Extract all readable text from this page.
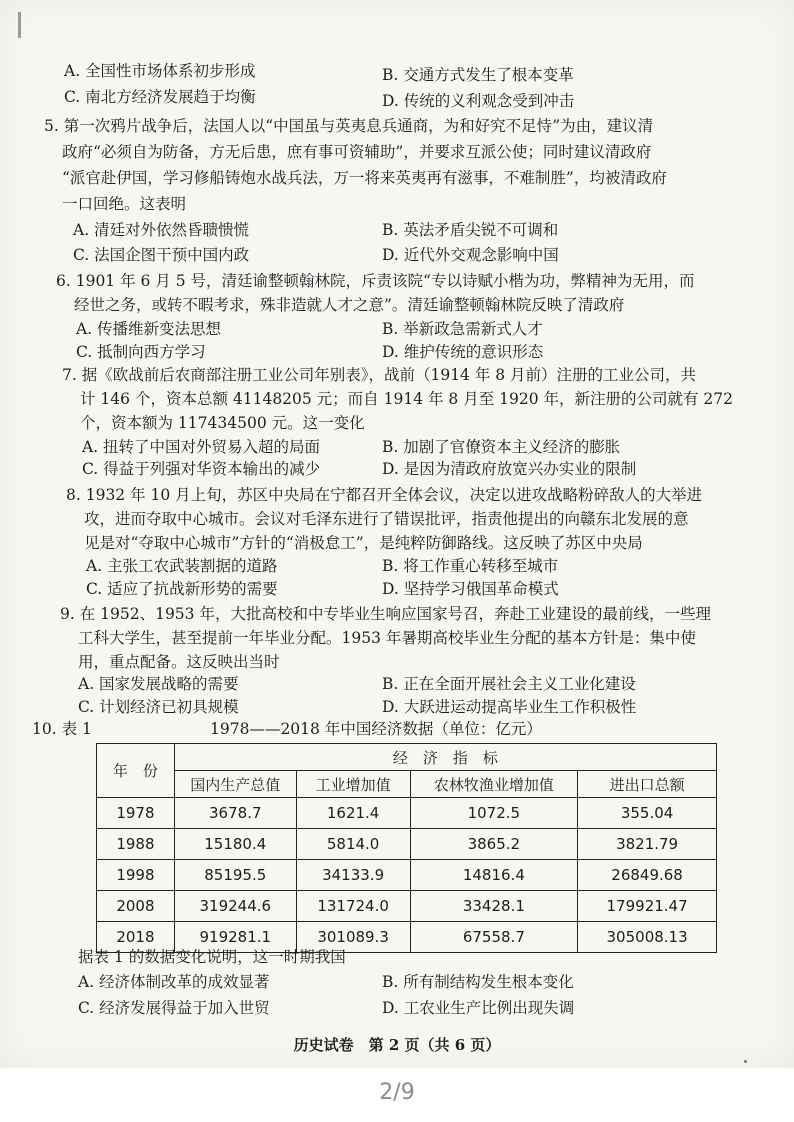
A. 全国性市场体系初步形成	B. 交通方式发生了根本变革
C. 南北方经济发展趋于均衡	D. 传统的义利观念受到冲击
5. 第一次鸦片战争后，法国人以“中国虽与英夷息兵通商，为和好究不足恃”为由，建议清
政府“必须自为防备，方无后患，庶有事可资辅助”，并要求互派公使；同时建议清政府
“派官赴伊国，学习修船铸炮水战兵法，万一将来英夷再有滋事，不难制胜”，均被清政府
一口回绝。这表明
A. 清廷对外依然昏聩愦慌	B. 英法矛盾尖锐不可调和
C. 法国企图干预中国内政	D. 近代外交观念影响中国
6. 1901 年 6 月 5 号，清廷谕整顿翰林院，斥责该院“专以诗赋小楷为功，弊精神为无用，而
经世之务，或转不暇考求，殊非造就人才之意”。清廷谕整顿翰林院反映了清政府
A. 传播维新变法思想	B. 举新政急需新式人才
C. 抵制向西方学习	D. 维护传统的意识形态
7. 据《欧战前后农商部注册工业公司年别表》，战前（1914 年 8 月前）注册的工业公司，共
计 146 个，资本总额 41148205 元；而自 1914 年 8 月至 1920 年，新注册的公司就有 272
个，资本额为 117434500 元。这一变化
A. 扭转了中国对外贸易入超的局面	B. 加剧了官僚资本主义经济的膨胀
C. 得益于列强对华资本输出的减少	D. 是因为清政府放宽兴办实业的限制
8. 1932 年 10 月上旬，苏区中央局在宁都召开全体会议，决定以进攻战略粉碎敌人的大举进
攻，进而夺取中心城市。会议对毛泽东进行了错误批评，指责他提出的向赣东北发展的意
见是对“夺取中心城市”方针的“消极怠工”，是纯粹防御路线。这反映了苏区中央局
A. 主张工农武装割据的道路	B. 将工作重心转移至城市
C. 适应了抗战新形势的需要	D. 坚持学习俄国革命模式
9. 在 1952、1953 年，大批高校和中专毕业生响应国家号召，奔赴工业建设的最前线，一些理
工科大学生，甚至提前一年毕业分配。1953 年暑期高校毕业生分配的基本方针是：集中使
用，重点配备。这反映出当时
A. 国家发展战略的需要	B. 正在全面开展社会主义工业化建设
C. 计划经济已初具规模	D. 大跃进运动提高毕业生工作积极性
10. 表 1	1978——2018 年中国经济数据（单位：亿元）
年　份	经　济　指　标			
	国内生产总值	工业增加值	农林牧渔业增加值	进出口总额
1978	3678.7	1621.4	1072.5	355.04
1988	15180.4	5814.0	3865.2	3821.79
1998	85195.5	34133.9	14816.4	26849.68
2008	319244.6	131724.0	33428.1	179921.47
2018	919281.1	301089.3	67558.7	305008.13
据表 1 的数据变化说明，这一时期我国
A. 经济体制改革的成效显著	B. 所有制结构发生根本变化
C. 经济发展得益于加入世贸	D. 工农业生产比例出现失调
历史试卷　第 2 页（共 6 页）
2/9
